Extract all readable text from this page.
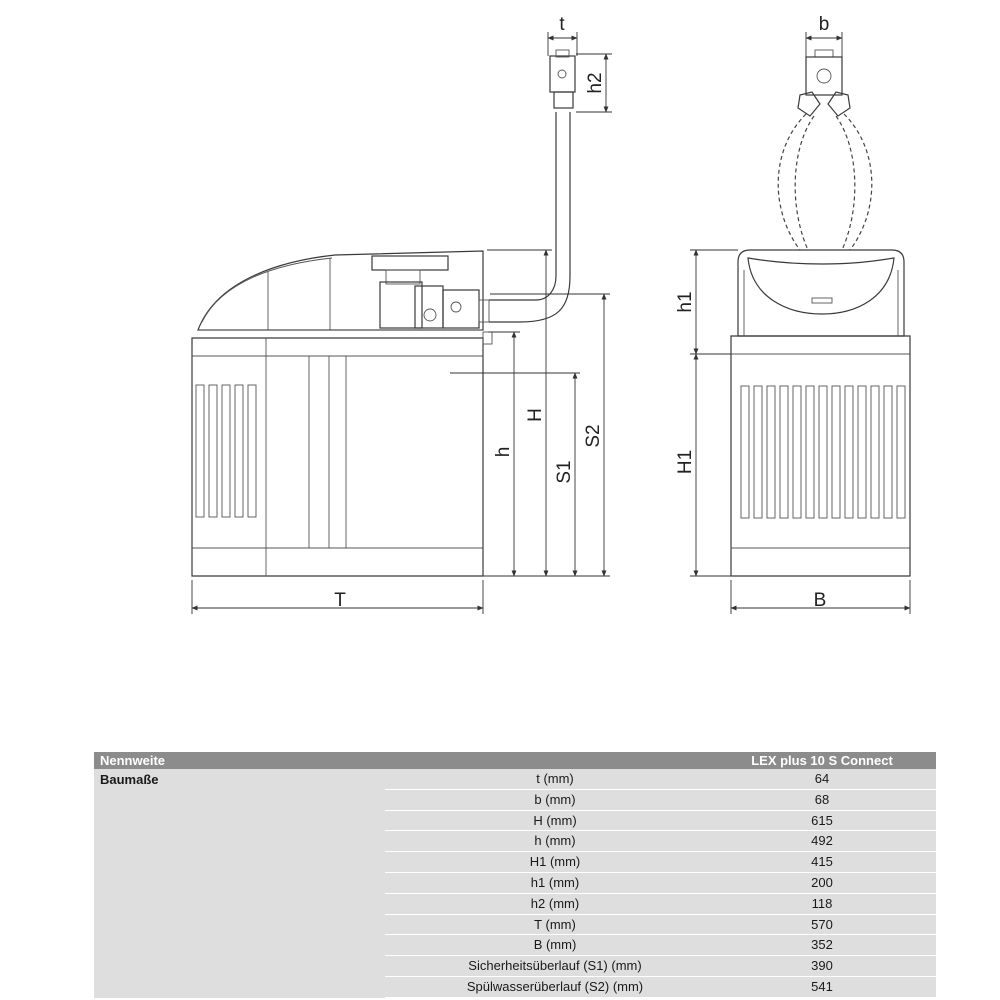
t	b
h2
H
h
S1
S2
h1
H1
T	B
Nennweite	LEX plus 10 S Connect
Baumaße	t (mm)	64
b (mm)	68
H (mm)	615
h (mm)	492
H1 (mm)	415
h1 (mm)	200
h2 (mm)	118
T (mm)	570
B (mm)	352
Sicherheitsüberlauf (S1) (mm)	390
Spülwasserüberlauf (S2) (mm)	541
